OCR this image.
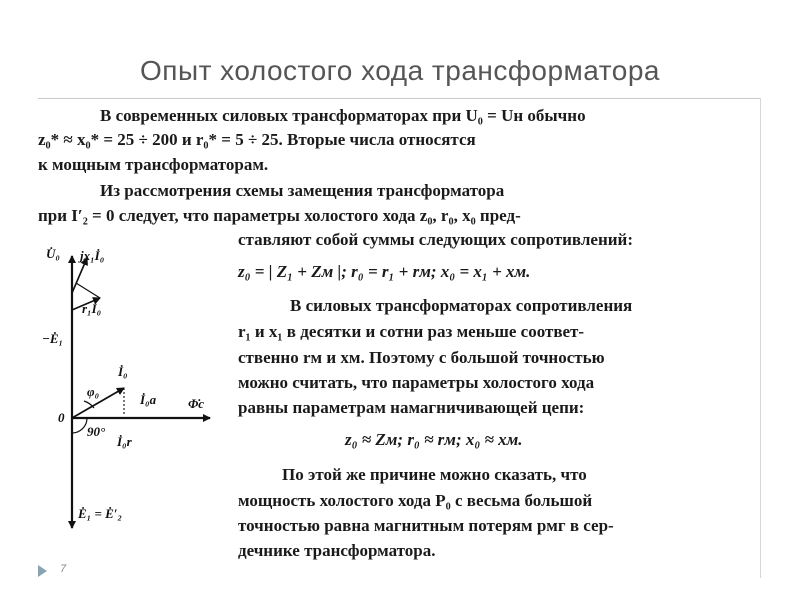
Опыт холостого хода трансформатора
В современных силовых трансформаторах при U₀ = Uн обычно
z₀* ≈ x₀* = 25 ÷ 200 и r₀* = 5 ÷ 25. Вторые числа относятся
к мощным трансформаторам.
Из рассмотрения схемы замещения трансформатора
при I′₂ = 0 следует, что параметры холостого хода z₀, r₀, x₀ пред-
ставляют собой суммы следующих сопротивлений:
z₀ = | Z₁ + Zм |; r₀ = r₁ + rм; x₀ = x₁ + xм.
В силовых трансформаторах сопротивления
r₁ и x₁ в десятки и сотни раз меньше соответ-
ственно rм и xм. Поэтому с большой точностью
можно считать, что параметры холостого хода
равны параметрам намагничивающей цепи:
z₀ ≈ Zм; r₀ ≈ rм; x₀ ≈ xм.
По этой же причине можно сказать, что
мощность холостого хода P₀ с весьма большой
точностью равна магнитным потерям pмг в сер-
дечнике трансформатора.
U̇₀ jx₁İ₀
r₁İ₀
−Ė₁
φ₀
İ₀
İ₀а Φ̇с
0
90°
İ₀r
Ė₁ = Ė′₂
7
